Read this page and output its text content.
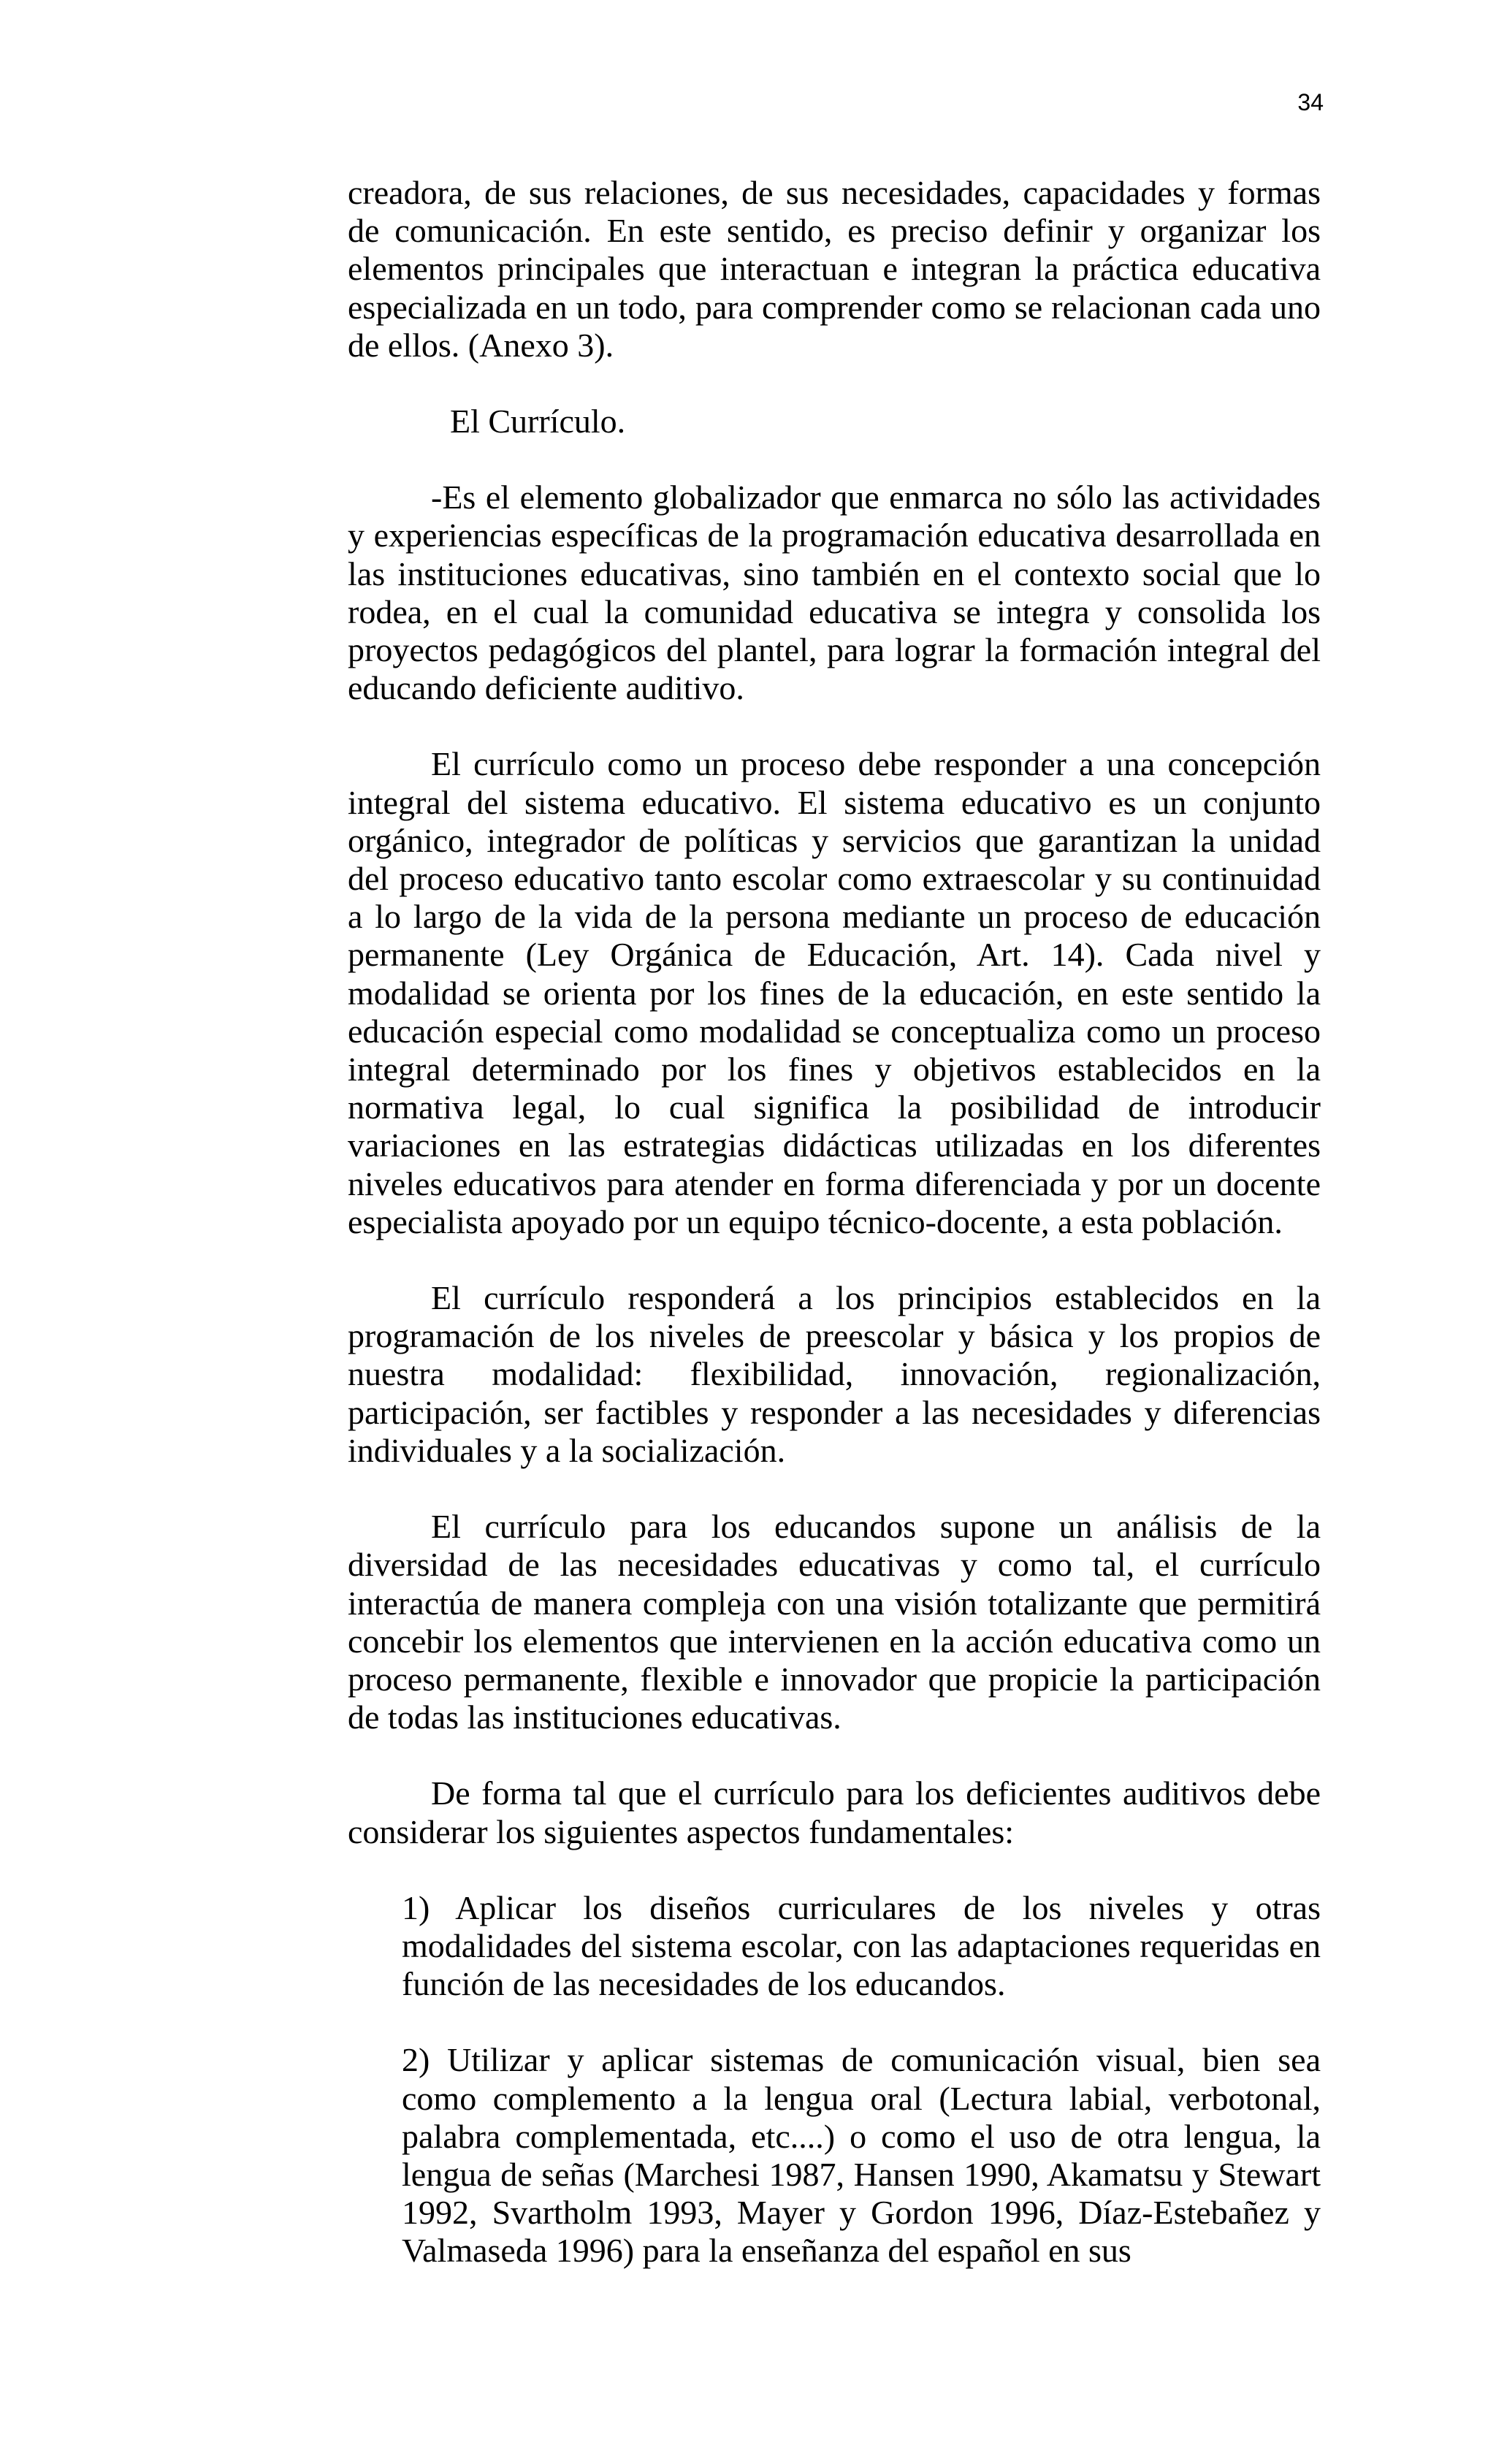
34

creadora, de sus relaciones, de sus necesidades, capacidades y formas de comunicación. En este sentido, es preciso definir y organizar los elementos principales que interactuan e integran la práctica educativa especializada en un todo, para comprender como se relacionan cada uno de ellos. (Anexo 3).

El Currículo.

-Es el elemento globalizador que enmarca no sólo las actividades y experiencias específicas de la programación educativa desarrollada en las instituciones educativas, sino también en el contexto social que lo rodea, en el cual la comunidad educativa se integra y consolida los proyectos pedagógicos del plantel, para lograr la formación integral del educando deficiente auditivo.

El currículo como un proceso debe responder a una concepción integral del sistema educativo. El sistema educativo es un conjunto orgánico, integrador de políticas y servicios que garantizan la unidad del proceso educativo tanto escolar como extraescolar y su continuidad a lo largo de la vida de la persona mediante un proceso de educación permanente (Ley Orgánica de Educación, Art. 14). Cada nivel y modalidad se orienta por los fines de la educación, en este sentido la educación especial como modalidad se conceptualiza como un proceso integral determinado por los fines y objetivos establecidos en la normativa legal, lo cual significa la posibilidad de introducir variaciones en las estrategias didácticas utilizadas en los diferentes niveles educativos para atender en forma diferenciada y por un docente especialista apoyado por un equipo técnico-docente, a esta población.

El currículo responderá a los principios establecidos en la programación de los niveles de preescolar y básica y los propios de nuestra modalidad: flexibilidad, innovación, regionalización, participación, ser factibles y responder a las necesidades y diferencias individuales y a la socialización.

El currículo para los educandos supone un análisis de la diversidad de las necesidades educativas y como tal, el currículo interactúa de manera compleja con una visión totalizante que permitirá concebir los elementos que intervienen en la acción educativa como un proceso permanente, flexible e innovador que propicie la participación de todas las instituciones educativas.

De forma tal que el currículo para los deficientes auditivos debe considerar los siguientes aspectos fundamentales:

1) Aplicar los diseños curriculares de los niveles y otras modalidades del sistema escolar, con las adaptaciones requeridas en función de las necesidades de los educandos.

2) Utilizar y aplicar sistemas de comunicación visual, bien sea como complemento a la lengua oral (Lectura labial, verbotonal, palabra complementada, etc....) o como el uso de otra lengua, la lengua de señas (Marchesi 1987, Hansen 1990, Akamatsu y Stewart 1992, Svartholm 1993, Mayer y Gordon 1996, Díaz-Estebañez y Valmaseda 1996) para la enseñanza del español en sus
